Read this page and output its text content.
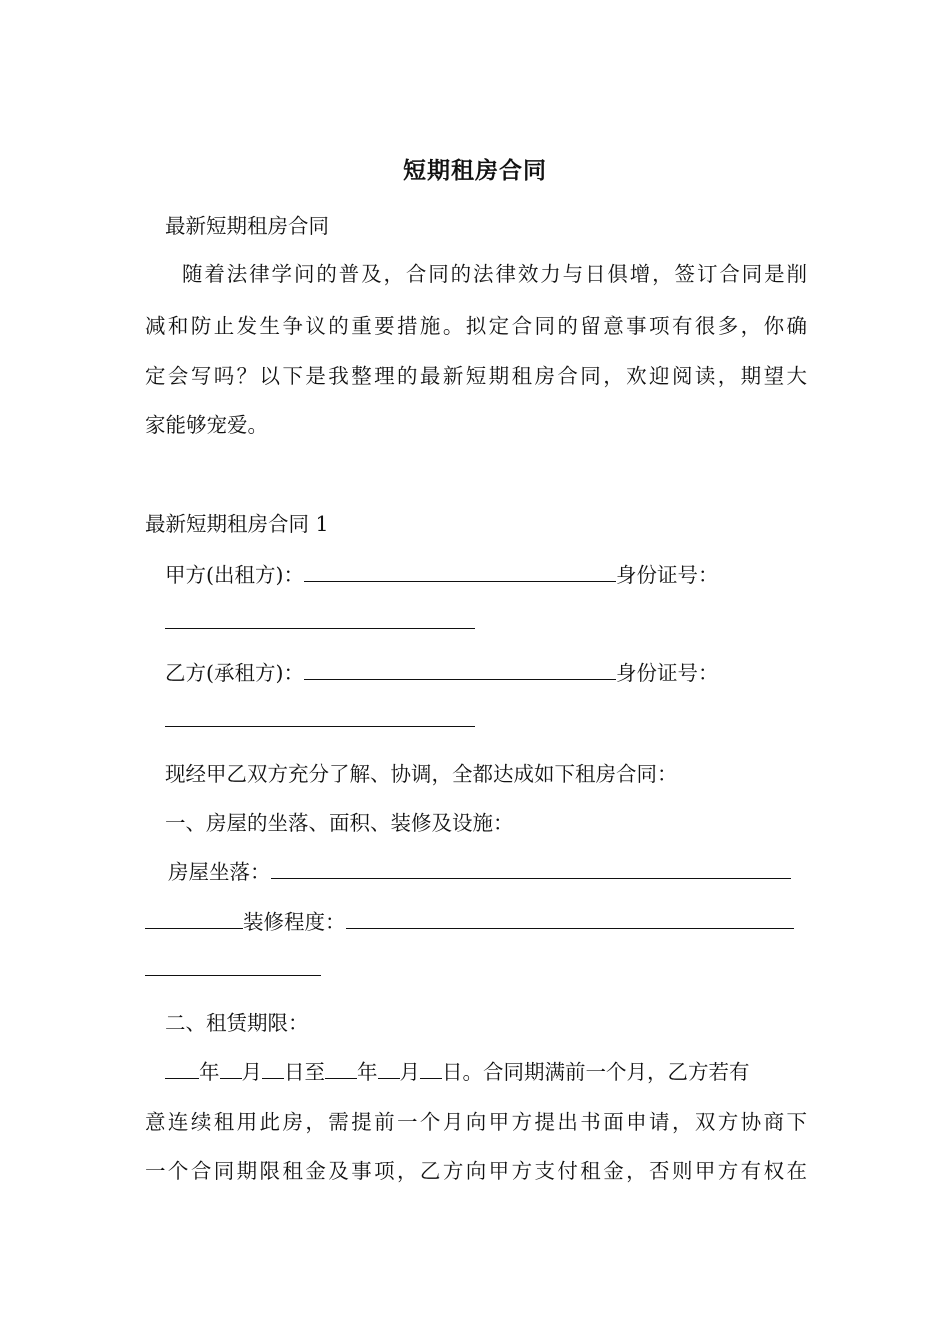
短期租房合同
最新短期租房合同
随着法律学问的普及，合同的法律效力与日俱增，签订合同是削
减和防止发生争议的重要措施。拟定合同的留意事项有很多，你确
定会写吗？以下是我整理的最新短期租房合同，欢迎阅读，期望大
家能够宠爱。
最新短期租房合同 1
甲方(出租方)：	身份证号：
乙方(承租方)：	身份证号：
现经甲乙双方充分了解、协调，全都达成如下租房合同：
一、房屋的坐落、面积、装修及设施：
房屋坐落：
装修程度：
二、租赁期限：
年 月 日至 年 月 日。合同期满前一个月，乙方若有
意连续租用此房，需提前一个月向甲方提出书面申请，双方协商下
一个合同期限租金及事项，乙方向甲方支付租金，否则甲方有权在
